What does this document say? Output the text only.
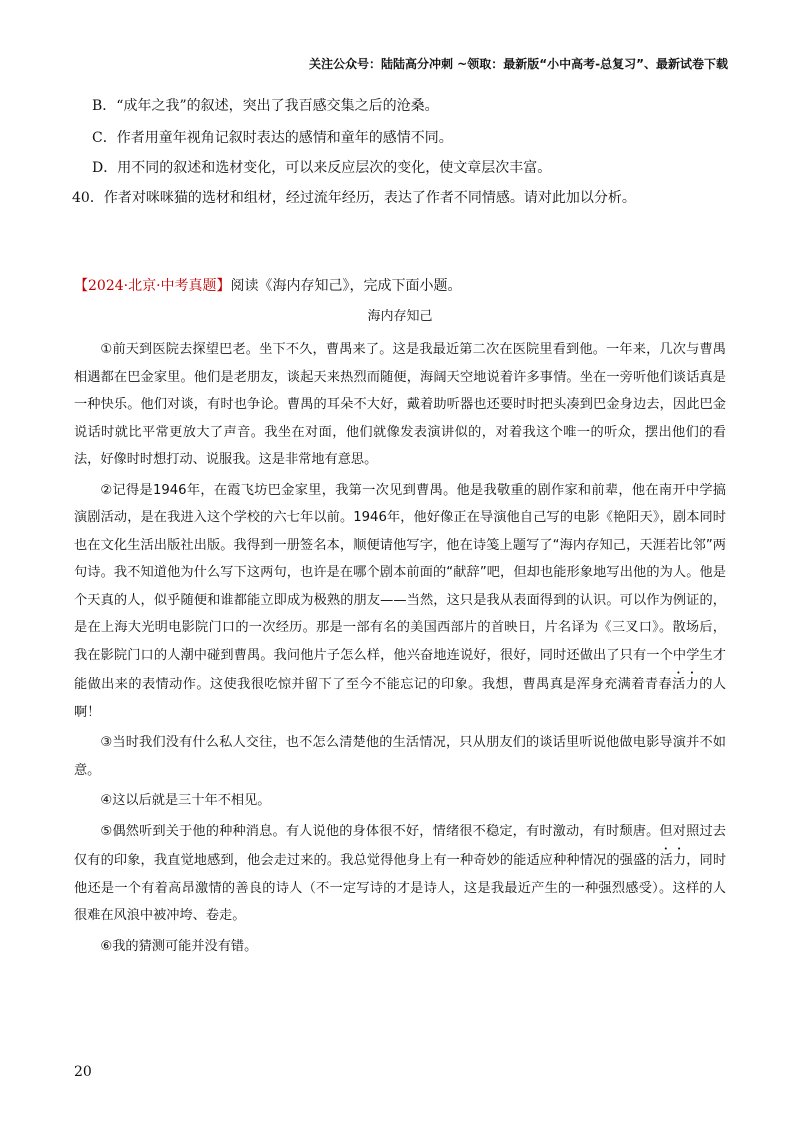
关注公众号：陆陆高分冲刺 ~领取：最新版“小中高考-总复习”、最新试卷下载
B．“成年之我”的叙述，突出了我百感交集之后的沧桑。
C．作者用童年视角记叙时表达的感情和童年的感情不同。
D．用不同的叙述和选材变化，可以来反应层次的变化，使文章层次丰富。
40．作者对咪咪猫的选材和组材，经过流年经历，表达了作者不同情感。请对此加以分析。
【2024·北京·中考真题】阅读《海内存知己》，完成下面小题。
海内存知己

①前天到医院去探望巴老。坐下不久，曹禺来了。这是我最近第二次在医院里看到他。一年来，几次与曹禺相遇都在巴金家里。他们是老朋友，谈起天来热烈而随便，海阔天空地说着许多事情。坐在一旁听他们谈话真是一种快乐。他们对谈，有时也争论。曹禺的耳朵不大好，戴着助听器也还要时时把头凑到巴金身边去，因此巴金说话时就比平常更放大了声音。我坐在对面，他们就像发表演讲似的，对着我这个唯一的听众，摆出他们的看法，好像时时想打动、说服我。这是非常地有意思。

②记得是1946年，在霞飞坊巴金家里，我第一次见到曹禺。他是我敬重的剧作家和前辈，他在南开中学搞演剧活动，是在我进入这个学校的六七年以前。1946年，他好像正在导演他自己写的电影《艳阳天》，剧本同时也在文化生活出版社出版。我得到一册签名本，顺便请他写字，他在诗笺上题写了“海内存知己，天涯若比邻”两句诗。我不知道他为什么写下这两句，也许是在哪个剧本前面的“献辞”吧，但却也能形象地写出他的为人。他是个天真的人，似乎随便和谁都能立即成为极熟的朋友——当然，这只是我从表面得到的认识。可以作为例证的，是在上海大光明电影院门口的一次经历。那是一部有名的美国西部片的首映日，片名译为《三叉口》。散场后，我在影院门口的人潮中碰到曹禺。我问他片子怎么样，他兴奋地连说好，很好，同时还做出了只有一个中学生才能做出来的表情动作。这使我很吃惊并留下了至今不能忘记的印象。我想，曹禺真是浑身充满着青春活力的人啊！

③当时我们没有什么私人交往，也不怎么清楚他的生活情况，只从朋友们的谈话里听说他做电影导演并不如意。

④这以后就是三十年不相见。

⑤偶然听到关于他的种种消息。有人说他的身体很不好，情绪很不稳定，有时激动，有时颓唐。但对照过去仅有的印象，我直觉地感到，他会走过来的。我总觉得他身上有一种奇妙的能适应种种情况的强盛的活力，同时他还是一个有着高昂激情的善良的诗人（不一定写诗的才是诗人，这是我最近产生的一种强烈感受）。这样的人很难在风浪中被冲垮、卷走。

⑥我的猜测可能并没有错。

20
